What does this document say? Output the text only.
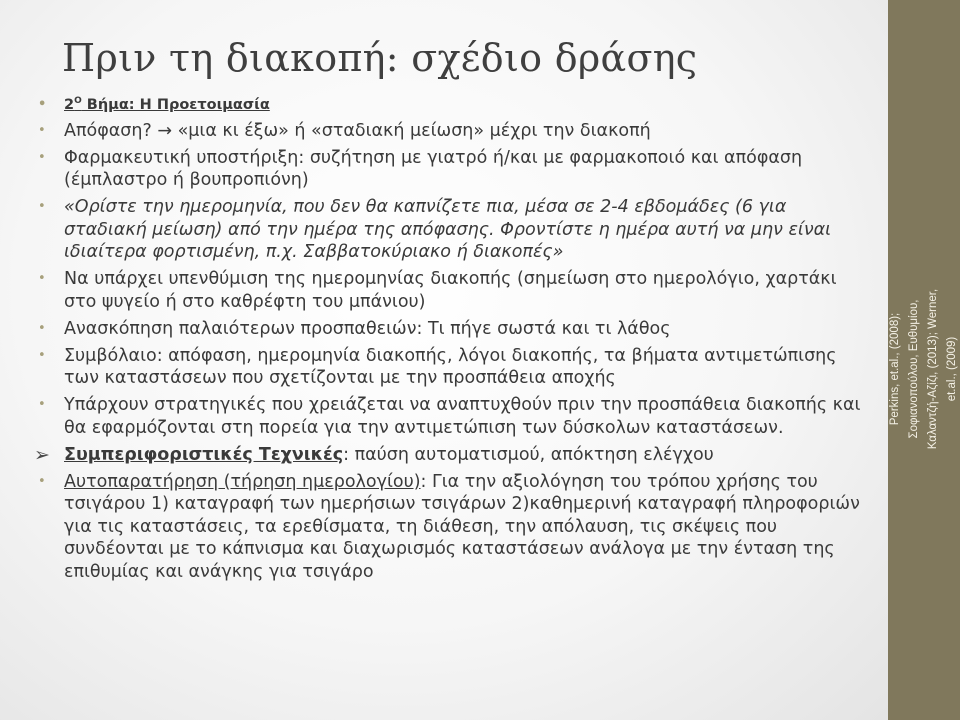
Πριν τη διακοπή: σχέδιο δράσης
•	$2^O$ Βήμα: Η Προετοιμασία
•	Απόφαση? → «μια κι έξω» ή «σταδιακή μείωση» μέχρι την διακοπή
•	Φαρμακευτική υποστήριξη: συζήτηση με γιατρό ή/και με φαρμακοποιό και απόφαση (έμπλαστρο ή βουπροπιόνη)
•	«Ορίστε την ημερομηνία, που δεν θα καπνίζετε πια, μέσα σε 2-4 εβδομάδες (6 για σταδιακή μείωση) από την ημέρα της απόφασης. Φροντίστε η ημέρα αυτή να μην είναι ιδιαίτερα φορτισμένη, π.χ. Σαββατοκύριακο ή διακοπές»
•	Να υπάρχει υπενθύμιση της ημερομηνίας διακοπής (σημείωση στο ημερολόγιο, χαρτάκι στο ψυγείο ή στο καθρέφτη του μπάνιου)
•	Ανασκόπηση παλαιότερων προσπαθειών: Τι πήγε σωστά και τι λάθος
•	Συμβόλαιο: απόφαση, ημερομηνία διακοπής, λόγοι διακοπής, τα βήματα αντιμετώπισης των καταστάσεων που σχετίζονται με την προσπάθεια αποχής
•	Υπάρχουν στρατηγικές που χρειάζεται να αναπτυχθούν πριν την προσπάθεια διακοπής και θα εφαρμόζονται στη πορεία για την αντιμετώπιση των δύσκολων καταστάσεων.
➢ Συμπεριφοριστικές Τεχνικές: παύση αυτοματισμού, απόκτηση ελέγχου
•	Αυτοπαρατήρηση (τήρηση ημερολογίου): Για την αξιολόγηση του τρόπου χρήσης του τσιγάρου 1) καταγραφή των ημερήσιων τσιγάρων 2)καθημερινή καταγραφή πληροφοριών για τις καταστάσεις, τα ερεθίσματα, τη διάθεση, την απόλαυση, τις σκέψεις που συνδέονται με το κάπνισμα και διαχωρισμός καταστάσεων ανάλογα με την ένταση της επιθυμίας και ανάγκης για τσιγάρο
Perkins, et.al., (2008); Σοφιανοπούλου, Ευθυμίου, Καλαντζή-Αζίζι, (2013); Werner, et.al., (2009)
